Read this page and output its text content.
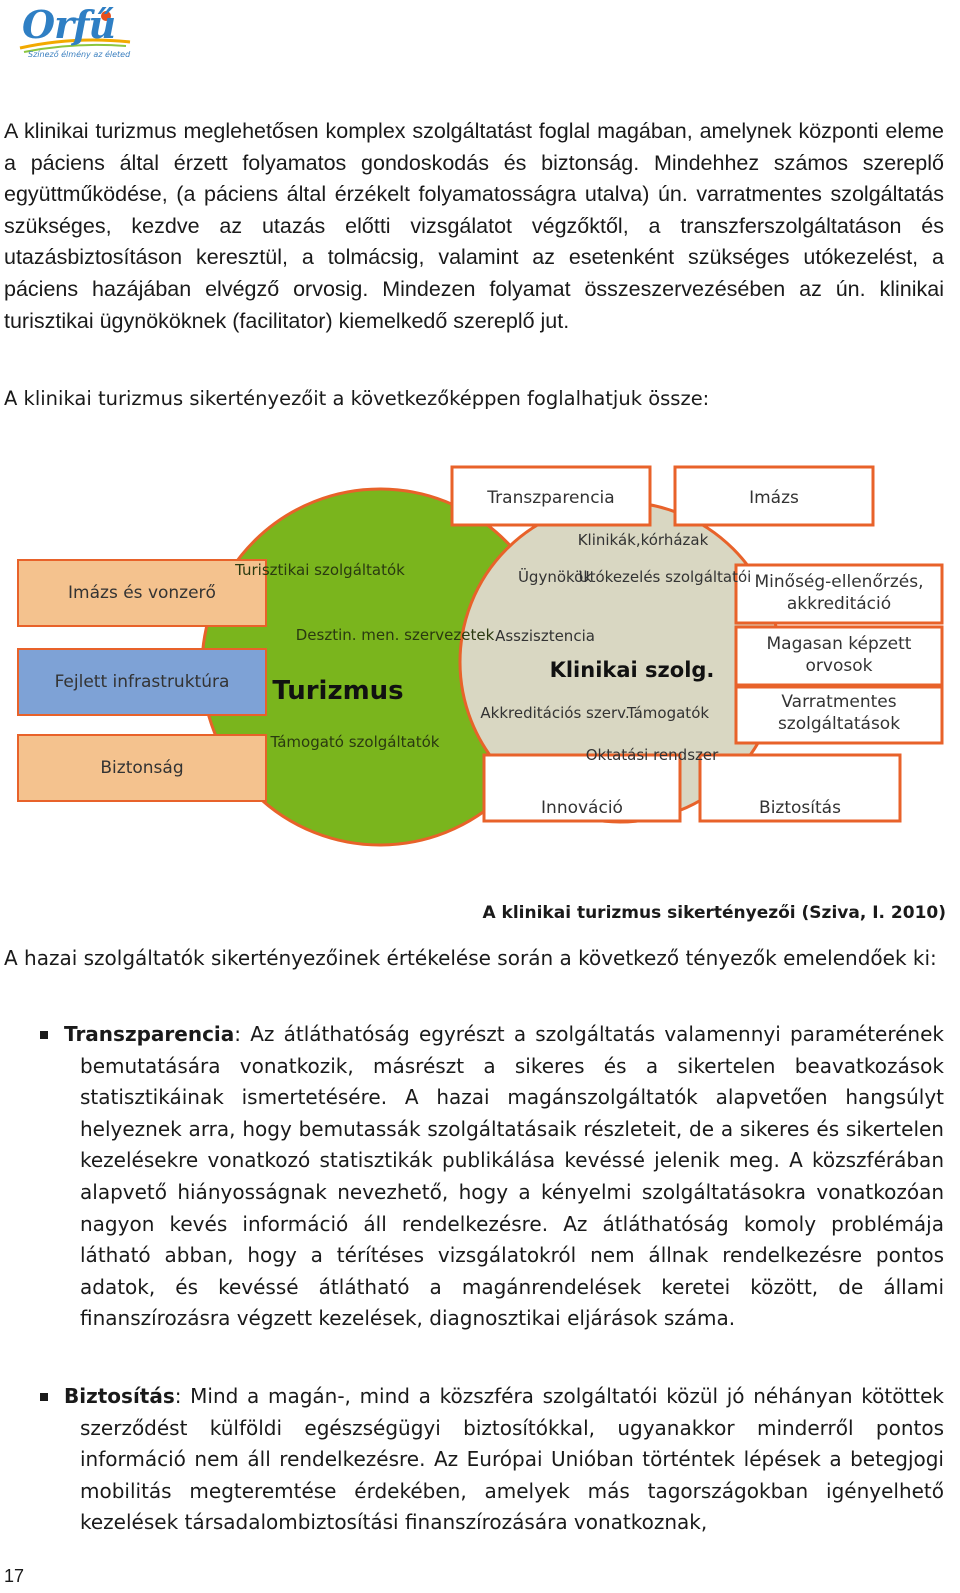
Orfű
Színező élmény az életed

A klinikai turizmus meglehetősen komplex szolgáltatást foglal magában, amelynek központi eleme a páciens által érzett folyamatos gondoskodás és biztonság. Mindehhez számos szereplő együttműködése, (a páciens által érzékelt folyamatosságra utalva) ún. varratmentes szolgáltatás szükséges, kezdve az utazás előtti vizsgálatot végzőktől, a transzferszolgáltatáson és utazásbiztosításon keresztül, a tolmácsig, valamint az esetenként szükséges utókezelést, a páciens hazájában elvégző orvosig. Mindezen folyamat összeszervezésében az ún. klinikai turisztikai ügynököknek (facilitator) kiemelkedő szereplő jut.

A klinikai turizmus sikertényezőit a következőképpen foglalhatjuk össze:

Imázs és vonzerő
Fejlett infrastruktúra
Biztonság
Transzparencia	Imázs
Minőség-ellenőrzés, akkreditáció
Magasan képzett orvosok
Varratmentes szolgáltatások
Innováció	Biztosítás
Turisztikai szolgáltatók
Desztin. men. szervezetek
Támogató szolgáltatók
Turizmus
Klinikák,kórházak
Ügynökök
Utókezelés szolgáltatói
Asszisztencia
Akkreditációs szerv.
Támogatók
Oktatási rendszer
Klinikai szolg.
A klinikai turizmus sikertényezői (Sziva, I. 2010)

A hazai szolgáltatók sikertényezőinek értékelése során a következő tényezők emelendőek ki:

Transzparencia: Az átláthatóság egyrészt a szolgáltatás valamennyi paraméterének bemutatására vonatkozik, másrészt a sikeres és a sikertelen beavatkozások statisztikáinak ismertetésére. A hazai magánszolgáltatók alapvetően hangsúlyt helyeznek arra, hogy bemutassák szolgáltatásaik részleteit, de a sikeres és sikertelen kezelésekre vonatkozó statisztikák publikálása kevéssé jelenik meg. A közszférában alapvető hiányosságnak nevezhető, hogy a kényelmi szolgáltatásokra vonatkozóan nagyon kevés információ áll rendelkezésre. Az átláthatóság komoly problémája látható abban, hogy a térítéses vizsgálatokról nem állnak rendelkezésre pontos adatok, és kevéssé átlátható a magánrendelések keretei között, de állami finanszírozásra végzett kezelések, diagnosztikai eljárások száma.
Biztosítás: Mind a magán-, mind a közszféra szolgáltatói közül jó néhányan kötöttek szerződést külföldi egészségügyi biztosítókkal, ugyanakkor minderről pontos információ nem áll rendelkezésre. Az Európai Unióban történtek lépések a betegjogi mobilitás megteremtése érdekében, amelyek más tagországokban igényelhető kezelések társadalombiztosítási finanszírozására vonatkoznak,
17
